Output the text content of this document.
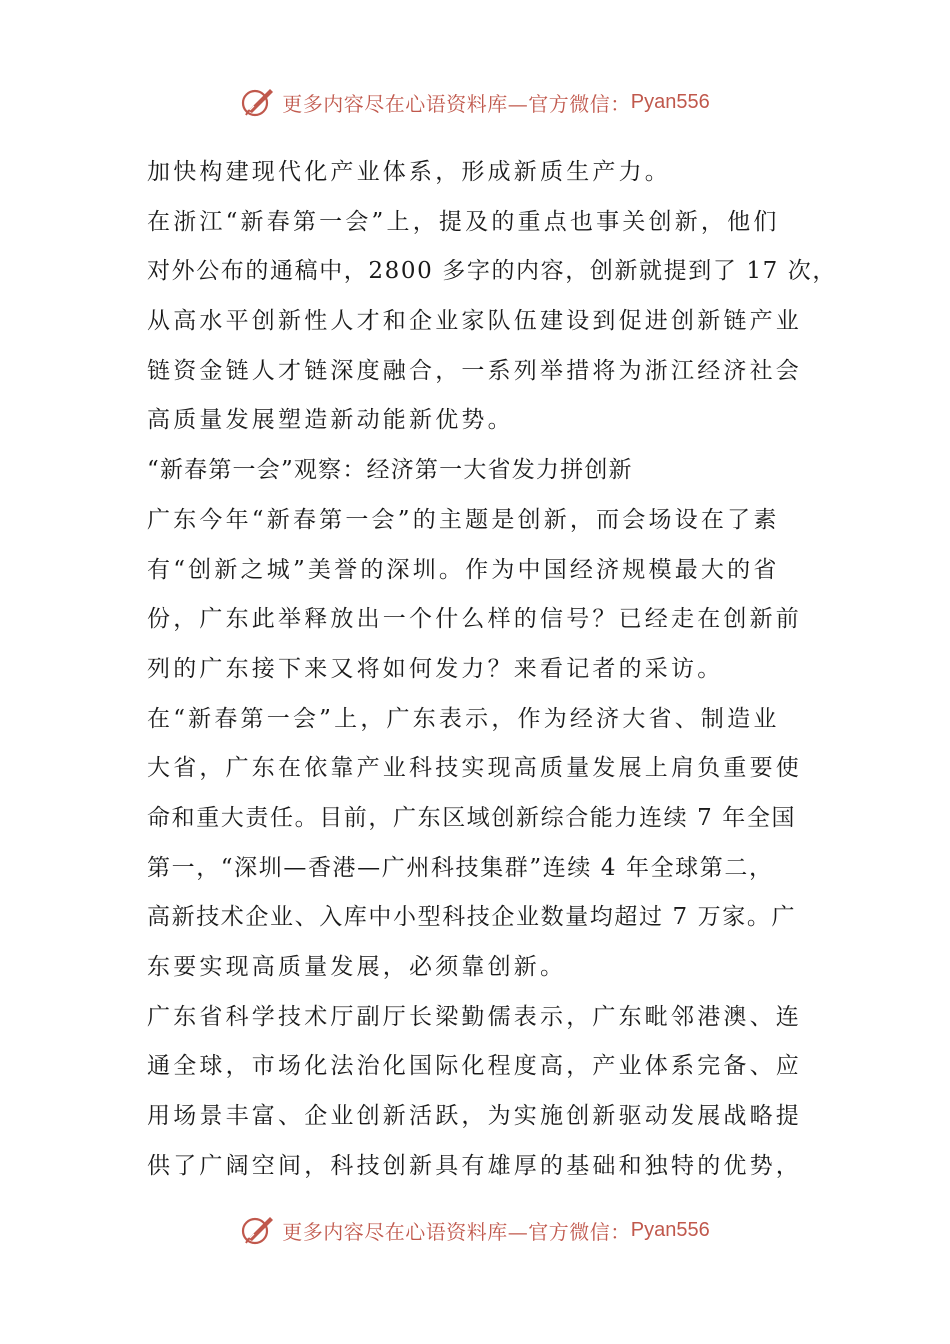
更多内容尽在心语资料库—官方微信： Pyan556
加快构建现代化产业体系，形成新质生产力。
在浙江“新春第一会”上，提及的重点也事关创新，他们
对外公布的通稿中，2800 多字的内容，创新就提到了 17 次，
从高水平创新性人才和企业家队伍建设到促进创新链产业
链资金链人才链深度融合，一系列举措将为浙江经济社会
高质量发展塑造新动能新优势。
“新春第一会”观察：经济第一大省发力拼创新
广东今年“新春第一会”的主题是创新，而会场设在了素
有“创新之城”美誉的深圳。作为中国经济规模最大的省
份，广东此举释放出一个什么样的信号？已经走在创新前
列的广东接下来又将如何发力？来看记者的采访。
在“新春第一会”上，广东表示，作为经济大省、制造业
大省，广东在依靠产业科技实现高质量发展上肩负重要使
命和重大责任。目前，广东区域创新综合能力连续 7 年全国
第一，“深圳—香港—广州科技集群”连续 4 年全球第二，
高新技术企业、入库中小型科技企业数量均超过 7 万家。广
东要实现高质量发展，必须靠创新。
广东省科学技术厅副厅长梁勤儒表示，广东毗邻港澳、连
通全球，市场化法治化国际化程度高，产业体系完备、应
用场景丰富、企业创新活跃，为实施创新驱动发展战略提
供了广阔空间，科技创新具有雄厚的基础和独特的优势，
更多内容尽在心语资料库—官方微信： Pyan556
